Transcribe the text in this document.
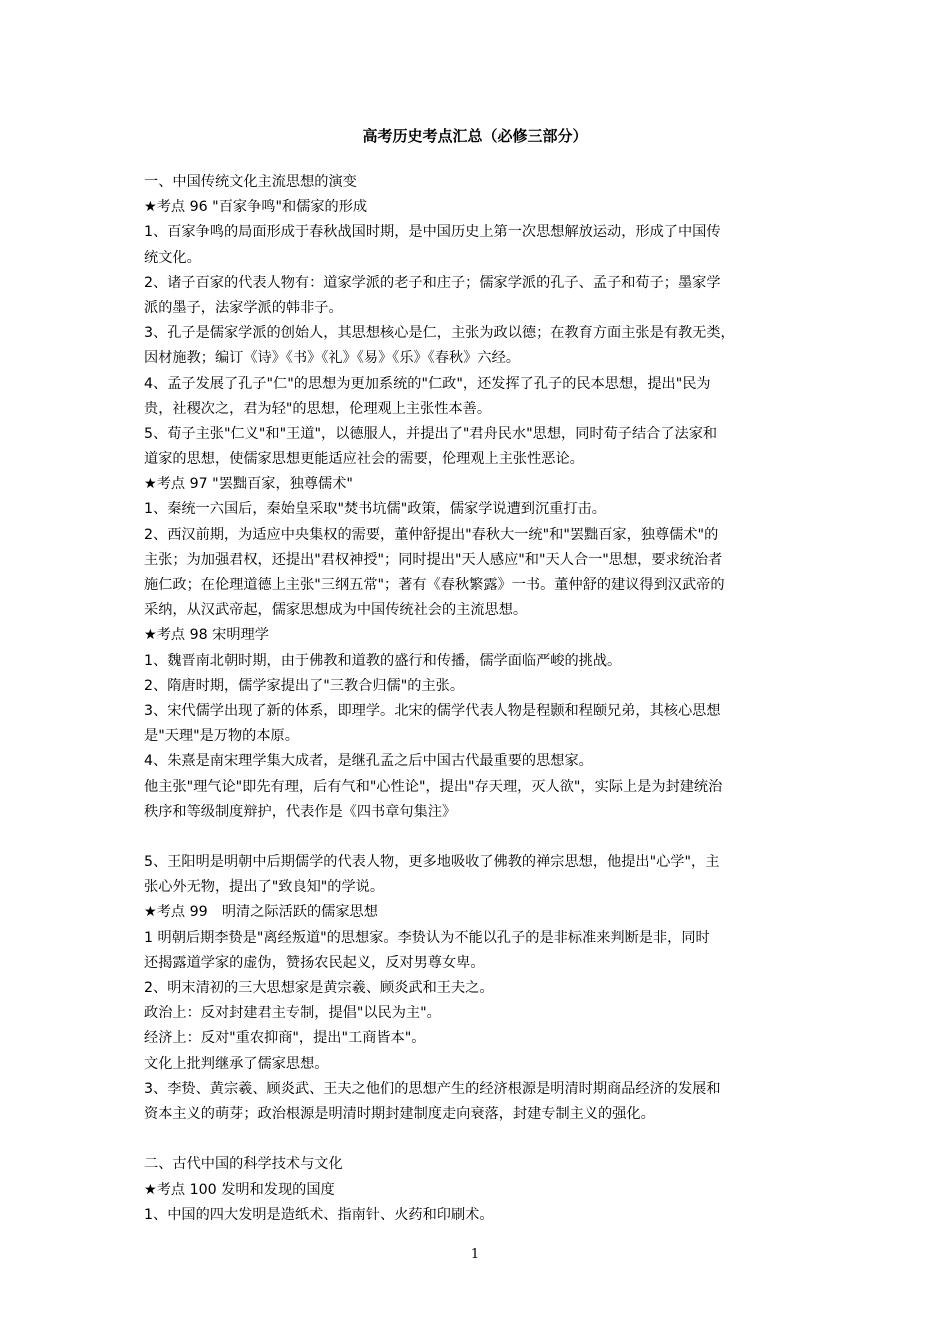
高考历史考点汇总（必修三部分）
一、中国传统文化主流思想的演变
★考点 96 "百家争鸣"和儒家的形成
1、百家争鸣的局面形成于春秋战国时期，是中国历史上第一次思想解放运动，形成了中国传
统文化。
2、诸子百家的代表人物有：道家学派的老子和庄子；儒家学派的孔子、孟子和荀子；墨家学
派的墨子，法家学派的韩非子。
3、孔子是儒家学派的创始人，其思想核心是仁，主张为政以德；在教育方面主张是有教无类，
因材施教；编订《诗》《书》《礼》《易》《乐》《春秋》六经。
4、孟子发展了孔子"仁"的思想为更加系统的"仁政"，还发挥了孔子的民本思想，提出"民为
贵，社稷次之，君为轻"的思想，伦理观上主张性本善。
5、荀子主张"仁义"和"王道"，以德服人，并提出了"君舟民水"思想，同时荀子结合了法家和
道家的思想，使儒家思想更能适应社会的需要，伦理观上主张性恶论。
★考点 97 "罢黜百家，独尊儒术"
1、秦统一六国后，秦始皇采取"焚书坑儒"政策，儒家学说遭到沉重打击。
2、西汉前期，为适应中央集权的需要，董仲舒提出"春秋大一统"和"罢黜百家，独尊儒术"的
主张；为加强君权，还提出"君权神授"；同时提出"天人感应"和"天人合一"思想，要求统治者
施仁政；在伦理道德上主张"三纲五常"；著有《春秋繁露》一书。董仲舒的建议得到汉武帝的
采纳，从汉武帝起，儒家思想成为中国传统社会的主流思想。
★考点 98 宋明理学
1、魏晋南北朝时期，由于佛教和道教的盛行和传播，儒学面临严峻的挑战。
2、隋唐时期，儒学家提出了"三教合归儒"的主张。
3、宋代儒学出现了新的体系，即理学。北宋的儒学代表人物是程颢和程颐兄弟，其核心思想
是"天理"是万物的本原。
4、朱熹是南宋理学集大成者，是继孔孟之后中国古代最重要的思想家。
他主张"理气论"即先有理，后有气和"心性论"，提出"存天理，灭人欲"，实际上是为封建统治
秩序和等级制度辩护，代表作是《四书章句集注》
5、王阳明是明朝中后期儒学的代表人物，更多地吸收了佛教的禅宗思想，他提出"心学"，主
张心外无物，提出了"致良知"的学说。
★考点 99　明清之际活跃的儒家思想
1 明朝后期李贽是"离经叛道"的思想家。李贽认为不能以孔子的是非标准来判断是非，同时
还揭露道学家的虚伪，赞扬农民起义，反对男尊女卑。
2、明末清初的三大思想家是黄宗羲、顾炎武和王夫之。
政治上：反对封建君主专制，提倡"以民为主"。
经济上：反对"重农抑商"，提出"工商皆本"。
文化上批判继承了儒家思想。
3、李贽、黄宗羲、顾炎武、王夫之他们的思想产生的经济根源是明清时期商品经济的发展和
资本主义的萌芽；政治根源是明清时期封建制度走向衰落，封建专制主义的强化。
二、古代中国的科学技术与文化
★考点 100 发明和发现的国度
1、中国的四大发明是造纸术、指南针、火药和印刷术。
1
